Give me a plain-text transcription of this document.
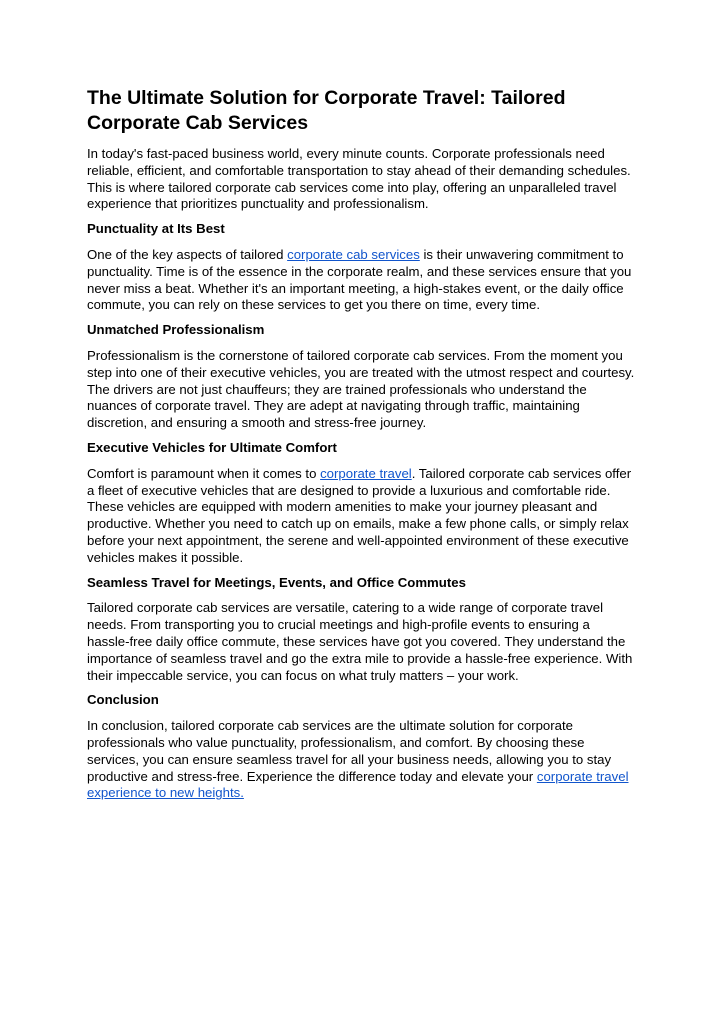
The Ultimate Solution for Corporate Travel: Tailored Corporate Cab Services

In today's fast-paced business world, every minute counts. Corporate professionals need reliable, efficient, and comfortable transportation to stay ahead of their demanding schedules. This is where tailored corporate cab services come into play, offering an unparalleled travel experience that prioritizes punctuality and professionalism.

Punctuality at Its Best

One of the key aspects of tailored corporate cab services is their unwavering commitment to punctuality. Time is of the essence in the corporate realm, and these services ensure that you never miss a beat. Whether it's an important meeting, a high-stakes event, or the daily office commute, you can rely on these services to get you there on time, every time.

Unmatched Professionalism

Professionalism is the cornerstone of tailored corporate cab services. From the moment you step into one of their executive vehicles, you are treated with the utmost respect and courtesy. The drivers are not just chauffeurs; they are trained professionals who understand the nuances of corporate travel. They are adept at navigating through traffic, maintaining discretion, and ensuring a smooth and stress-free journey.

Executive Vehicles for Ultimate Comfort

Comfort is paramount when it comes to corporate travel. Tailored corporate cab services offer a fleet of executive vehicles that are designed to provide a luxurious and comfortable ride. These vehicles are equipped with modern amenities to make your journey pleasant and productive. Whether you need to catch up on emails, make a few phone calls, or simply relax before your next appointment, the serene and well-appointed environment of these executive vehicles makes it possible.

Seamless Travel for Meetings, Events, and Office Commutes

Tailored corporate cab services are versatile, catering to a wide range of corporate travel needs. From transporting you to crucial meetings and high-profile events to ensuring a hassle-free daily office commute, these services have got you covered. They understand the importance of seamless travel and go the extra mile to provide a hassle-free experience. With their impeccable service, you can focus on what truly matters – your work.

Conclusion

In conclusion, tailored corporate cab services are the ultimate solution for corporate professionals who value punctuality, professionalism, and comfort. By choosing these services, you can ensure seamless travel for all your business needs, allowing you to stay productive and stress-free. Experience the difference today and elevate your corporate travel experience to new heights.
